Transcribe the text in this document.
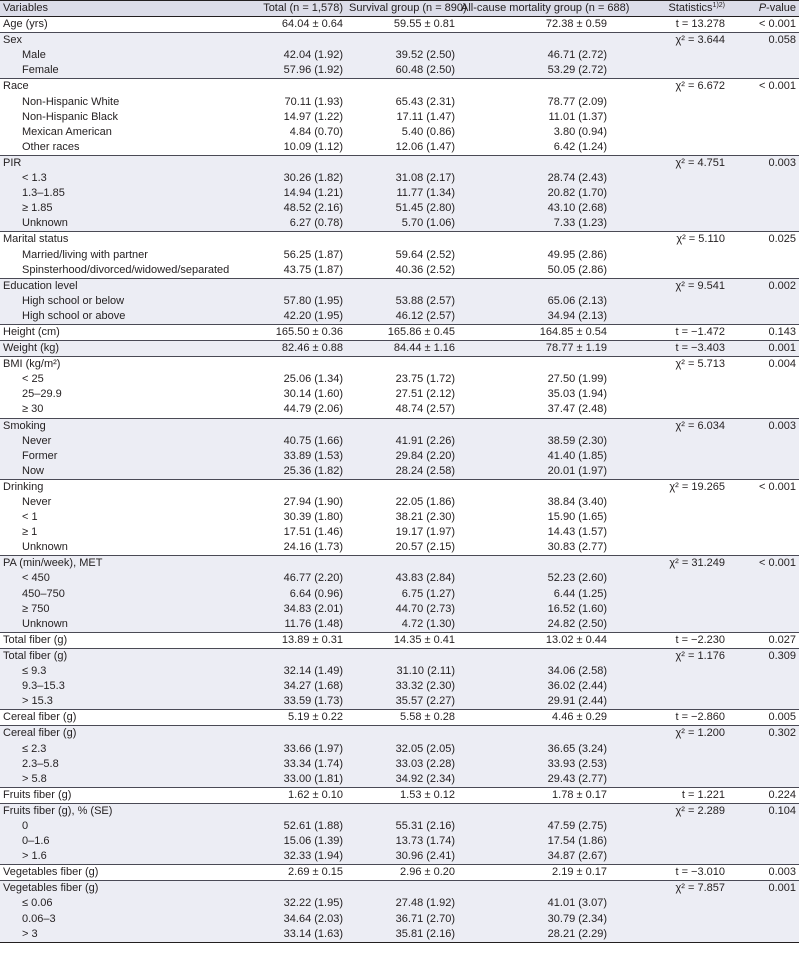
Variables	Total (n = 1,578)	Survival group (n = 890)	All-cause mortality group (n = 688)	Statistics$^{1)2)}$	P-value
Age (yrs)	64.04 ± 0.64	59.55 ± 0.81	72.38 ± 0.59	t = 13.278	< 0.001
Sex				χ² = 3.644	0.058
Male	42.04 (1.92)	39.52 (2.50)	46.71 (2.72)		
Female	57.96 (1.92)	60.48 (2.50)	53.29 (2.72)		
Race				χ² = 6.672	< 0.001
Non-Hispanic White	70.11 (1.93)	65.43 (2.31)	78.77 (2.09)		
Non-Hispanic Black	14.97 (1.22)	17.11 (1.47)	11.01 (1.37)		
Mexican American	4.84 (0.70)	5.40 (0.86)	3.80 (0.94)		
Other races	10.09 (1.12)	12.06 (1.47)	6.42 (1.24)		
PIR				χ² = 4.751	0.003
< 1.3	30.26 (1.82)	31.08 (2.17)	28.74 (2.43)		
1.3–1.85	14.94 (1.21)	11.77 (1.34)	20.82 (1.70)		
≥ 1.85	48.52 (2.16)	51.45 (2.80)	43.10 (2.68)		
Unknown	6.27 (0.78)	5.70 (1.06)	7.33 (1.23)		
Marital status				χ² = 5.110	0.025
Married/living with partner	56.25 (1.87)	59.64 (2.52)	49.95 (2.86)		
Spinsterhood/divorced/widowed/separated	43.75 (1.87)	40.36 (2.52)	50.05 (2.86)		
Education level				χ² = 9.541	0.002
High school or below	57.80 (1.95)	53.88 (2.57)	65.06 (2.13)		
High school or above	42.20 (1.95)	46.12 (2.57)	34.94 (2.13)		
Height (cm)	165.50 ± 0.36	165.86 ± 0.45	164.85 ± 0.54	t = −1.472	0.143
Weight (kg)	82.46 ± 0.88	84.44 ± 1.16	78.77 ± 1.19	t = −3.403	0.001
BMI (kg/m²)				χ² = 5.713	0.004
< 25	25.06 (1.34)	23.75 (1.72)	27.50 (1.99)		
25–29.9	30.14 (1.60)	27.51 (2.12)	35.03 (1.94)		
≥ 30	44.79 (2.06)	48.74 (2.57)	37.47 (2.48)		
Smoking				χ² = 6.034	0.003
Never	40.75 (1.66)	41.91 (2.26)	38.59 (2.30)		
Former	33.89 (1.53)	29.84 (2.20)	41.40 (1.85)		
Now	25.36 (1.82)	28.24 (2.58)	20.01 (1.97)		
Drinking				χ² = 19.265	< 0.001
Never	27.94 (1.90)	22.05 (1.86)	38.84 (3.40)		
< 1	30.39 (1.80)	38.21 (2.30)	15.90 (1.65)		
≥ 1	17.51 (1.46)	19.17 (1.97)	14.43 (1.57)		
Unknown	24.16 (1.73)	20.57 (2.15)	30.83 (2.77)		
PA (min/week), MET				χ² = 31.249	< 0.001
< 450	46.77 (2.20)	43.83 (2.84)	52.23 (2.60)		
450–750	6.64 (0.96)	6.75 (1.27)	6.44 (1.25)		
≥ 750	34.83 (2.01)	44.70 (2.73)	16.52 (1.60)		
Unknown	11.76 (1.48)	4.72 (1.30)	24.82 (2.50)		
Total fiber (g)	13.89 ± 0.31	14.35 ± 0.41	13.02 ± 0.44	t = −2.230	0.027
Total fiber (g)				χ² = 1.176	0.309
≤ 9.3	32.14 (1.49)	31.10 (2.11)	34.06 (2.58)		
9.3–15.3	34.27 (1.68)	33.32 (2.30)	36.02 (2.44)		
> 15.3	33.59 (1.73)	35.57 (2.27)	29.91 (2.44)		
Cereal fiber (g)	5.19 ± 0.22	5.58 ± 0.28	4.46 ± 0.29	t = −2.860	0.005
Cereal fiber (g)				χ² = 1.200	0.302
≤ 2.3	33.66 (1.97)	32.05 (2.05)	36.65 (3.24)		
2.3–5.8	33.34 (1.74)	33.03 (2.28)	33.93 (2.53)		
> 5.8	33.00 (1.81)	34.92 (2.34)	29.43 (2.77)		
Fruits fiber (g)	1.62 ± 0.10	1.53 ± 0.12	1.78 ± 0.17	t = 1.221	0.224
Fruits fiber (g), % (SE)				χ² = 2.289	0.104
0	52.61 (1.88)	55.31 (2.16)	47.59 (2.75)		
0–1.6	15.06 (1.39)	13.73 (1.74)	17.54 (1.86)		
> 1.6	32.33 (1.94)	30.96 (2.41)	34.87 (2.67)		
Vegetables fiber (g)	2.69 ± 0.15	2.96 ± 0.20	2.19 ± 0.17	t = −3.010	0.003
Vegetables fiber (g)				χ² = 7.857	0.001
≤ 0.06	32.22 (1.95)	27.48 (1.92)	41.01 (3.07)		
0.06–3	34.64 (2.03)	36.71 (2.70)	30.79 (2.34)		
> 3	33.14 (1.63)	35.81 (2.16)	28.21 (2.29)		
